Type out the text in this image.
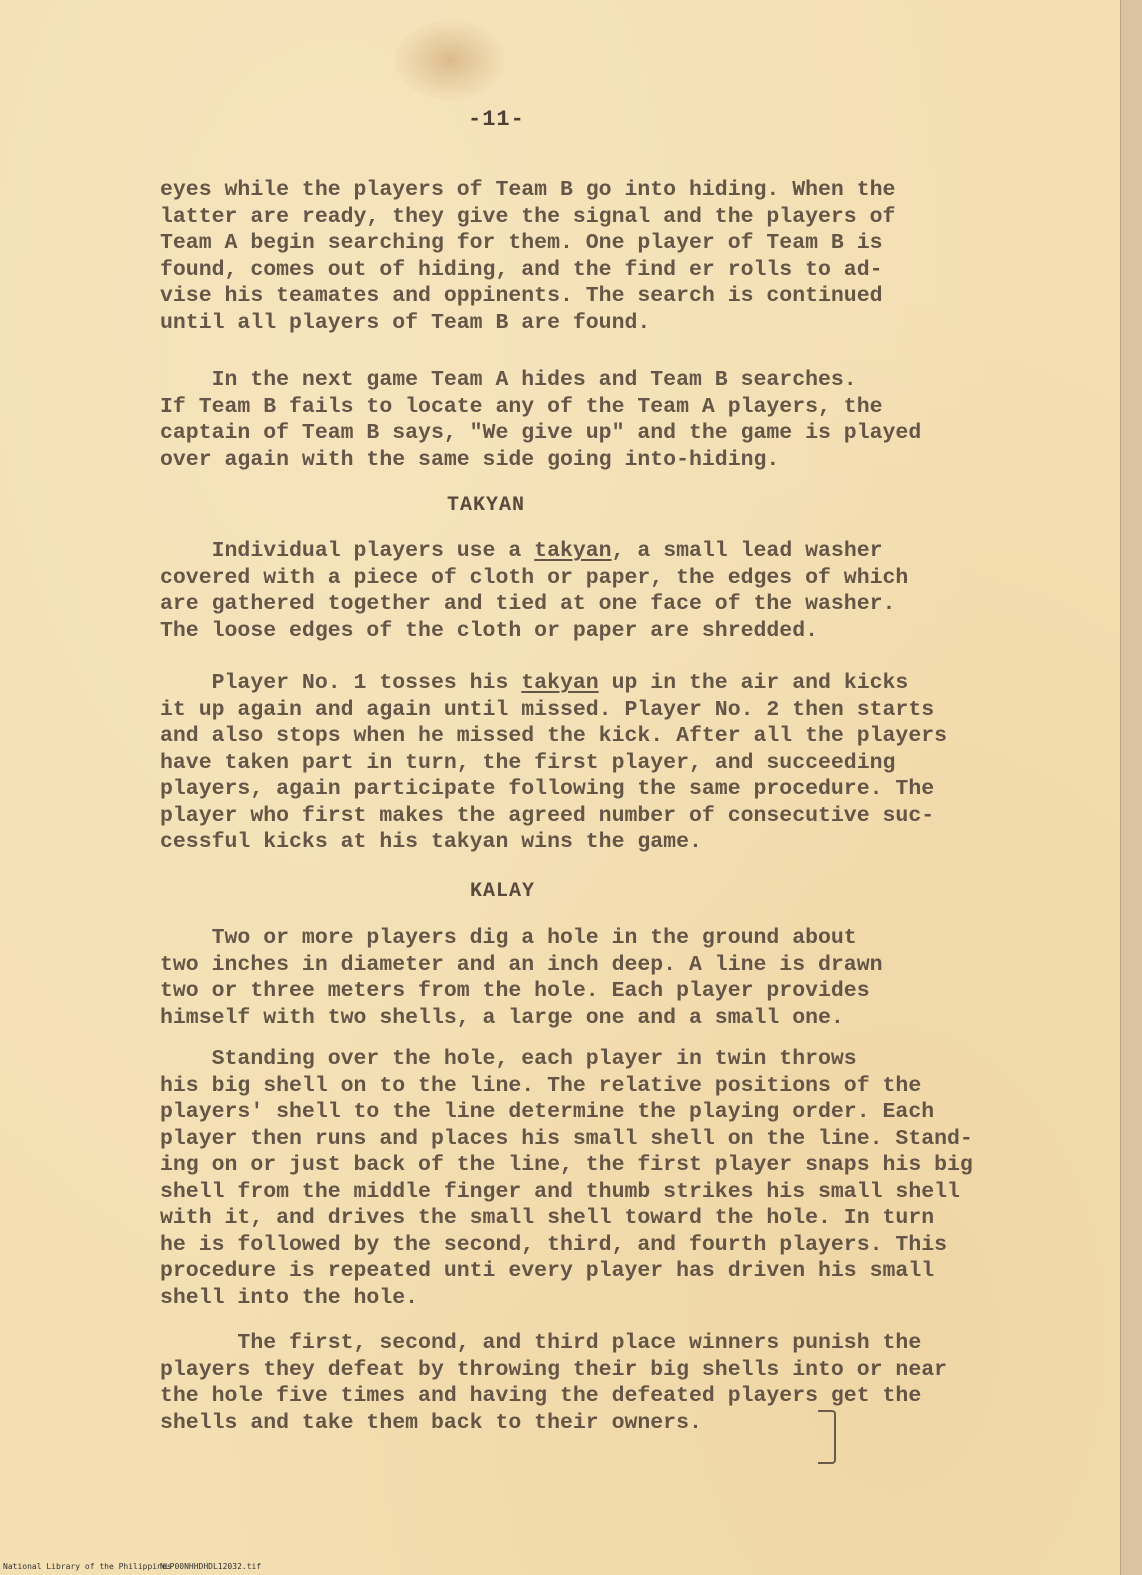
-11-
eyes while the players of Team B go into hiding. When the
latter are ready, they give the signal and the players of
Team A begin searching for them. One player of Team B is
found, comes out of hiding, and the find er rolls to ad-
vise his teamates and oppinents. The search is continued
until all players of Team B are found.
In the next game Team A hides and Team B searches.
If Team B fails to locate any of the Team A players, the
captain of Team B says, "We give up" and the game is played
over again with the same side going into-hiding.
TAKYAN
Individual players use a takyan, a small lead washer
covered with a piece of cloth or paper, the edges of which
are gathered together and tied at one face of the washer.
The loose edges of the cloth or paper are shredded.
Player No. 1 tosses his takyan up in the air and kicks
it up again and again until missed. Player No. 2 then starts
and also stops when he missed the kick. After all the players
have taken part in turn, the first player, and succeeding
players, again participate following the same procedure. The
player who first makes the agreed number of consecutive suc-
cessful kicks at his takyan wins the game.
KALAY
Two or more players dig a hole in the ground about
two inches in diameter and an inch deep. A line is drawn
two or three meters from the hole. Each player provides
himself with two shells, a large one and a small one.
Standing over the hole, each player in twin throws
his big shell on to the line. The relative positions of the
players' shell to the line determine the playing order. Each
player then runs and places his small shell on the line. Stand-
ing on or just back of the line, the first player snaps his big
shell from the middle finger and thumb strikes his small shell
with it, and drives the small shell toward the hole. In turn
he is followed by the second, third, and fourth players. This
procedure is repeated unti every player has driven his small
shell into the hole.
The first, second, and third place winners punish the
players they defeat by throwing their big shells into or near
the hole five times and having the defeated players get the
shells and take them back to their owners.
National Library of the Philippines
NLP00NHHDHDL12032.tif
